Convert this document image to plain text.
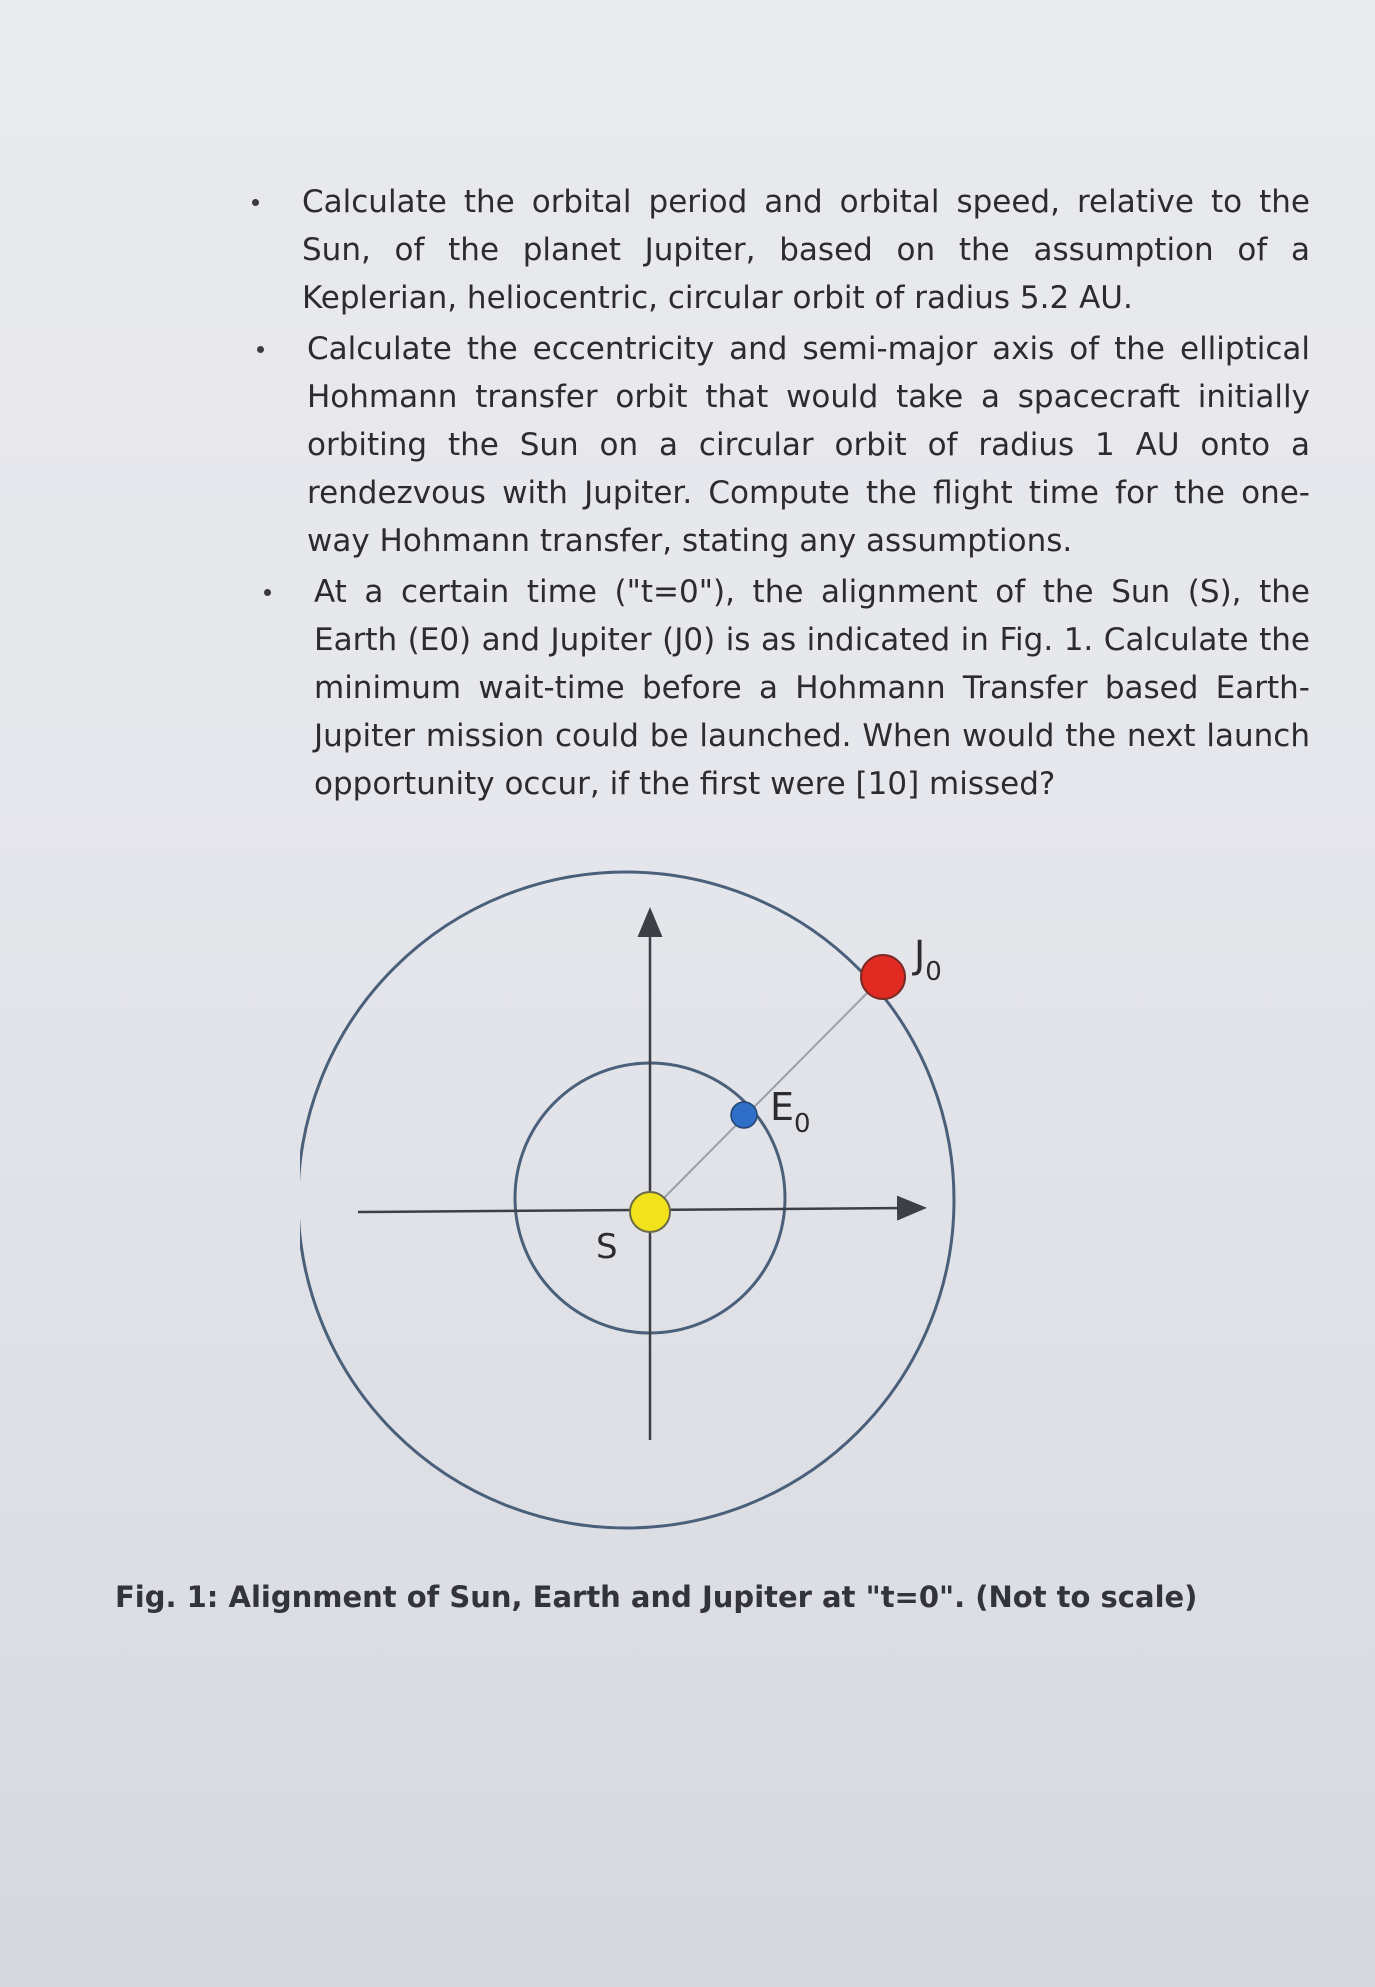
Calculate the orbital period and orbital speed, relative to the Sun, of the planet Jupiter, based on the assumption of a Keplerian, heliocentric, circular orbit of radius 5.2 AU.
Calculate the eccentricity and semi-major axis of the elliptical Hohmann transfer orbit that would take a spacecraft initially orbiting the Sun on a circular orbit of radius 1 AU onto a rendezvous with Jupiter. Compute the flight time for the one-way Hohmann transfer, stating any assumptions.
At a certain time ("t=0"), the alignment of the Sun (S), the Earth (E0) and Jupiter (J0) is as indicated in Fig. 1. Calculate the minimum wait-time before a Hohmann Transfer based Earth-Jupiter mission could be launched. When would the next launch opportunity occur, if the first were [10] missed?
S
$E_0$
$J_0$
Fig. 1: Alignment of Sun, Earth and Jupiter at "t=0". (Not to scale)
